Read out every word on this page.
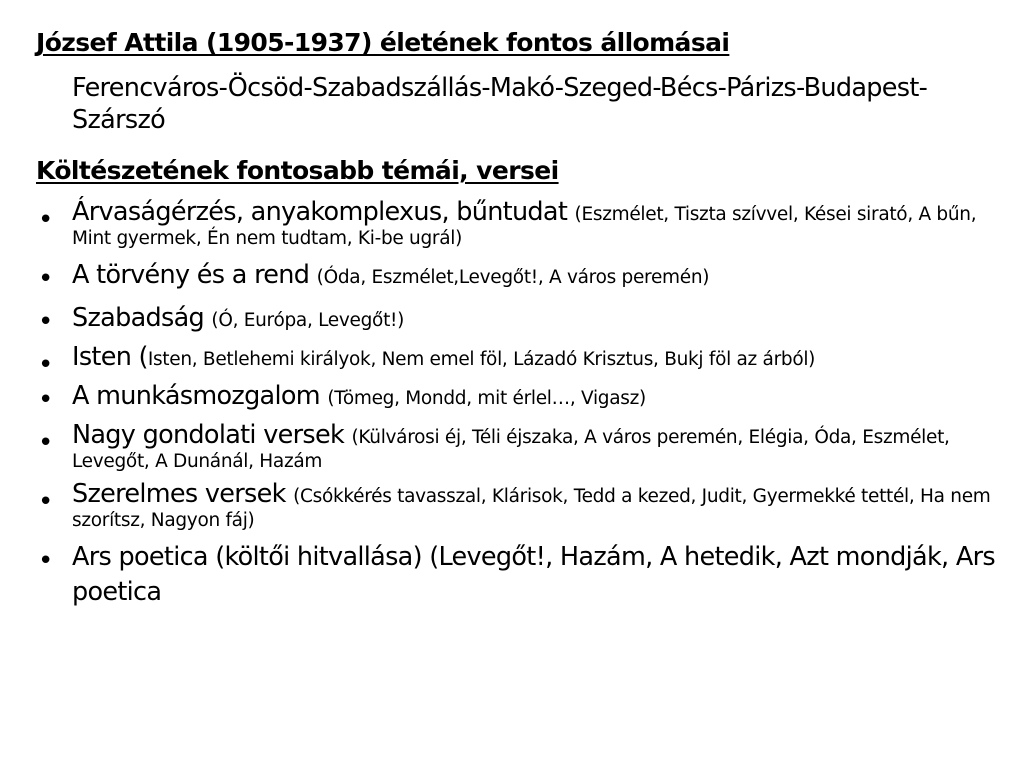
József Attila (1905-1937) életének fontos állomásai
Ferencváros-Öcsöd-Szabadszállás-Makó-Szeged-Bécs-Párizs-Budapest-Szárszó
Költészetének fontosabb témái, versei
• Árvaságérzés, anyakomplexus, bűntudat (Eszmélet, Tiszta szívvel, Kései sirató, A bűn, Mint gyermek, Én nem tudtam, Ki-be ugrál)
• A törvény és a rend (Óda, Eszmélet,Levegőt!, A város peremén)
• Szabadság (Ó, Európa, Levegőt!)
• Isten (Isten, Betlehemi királyok, Nem emel föl, Lázadó Krisztus, Bukj föl az árból)
• A munkásmozgalom (Tömeg, Mondd, mit érlel…, Vigasz)
• Nagy gondolati versek (Külvárosi éj, Téli éjszaka, A város peremén, Elégia, Óda, Eszmélet, Levegőt, A Dunánál, Hazám
• Szerelmes versek (Csókkérés tavasszal, Klárisok, Tedd a kezed, Judit, Gyermekké tettél, Ha nem szorítsz, Nagyon fáj)
• Ars poetica (költői hitvallása) (Levegőt!, Hazám, A hetedik, Azt mondják, Ars poetica
